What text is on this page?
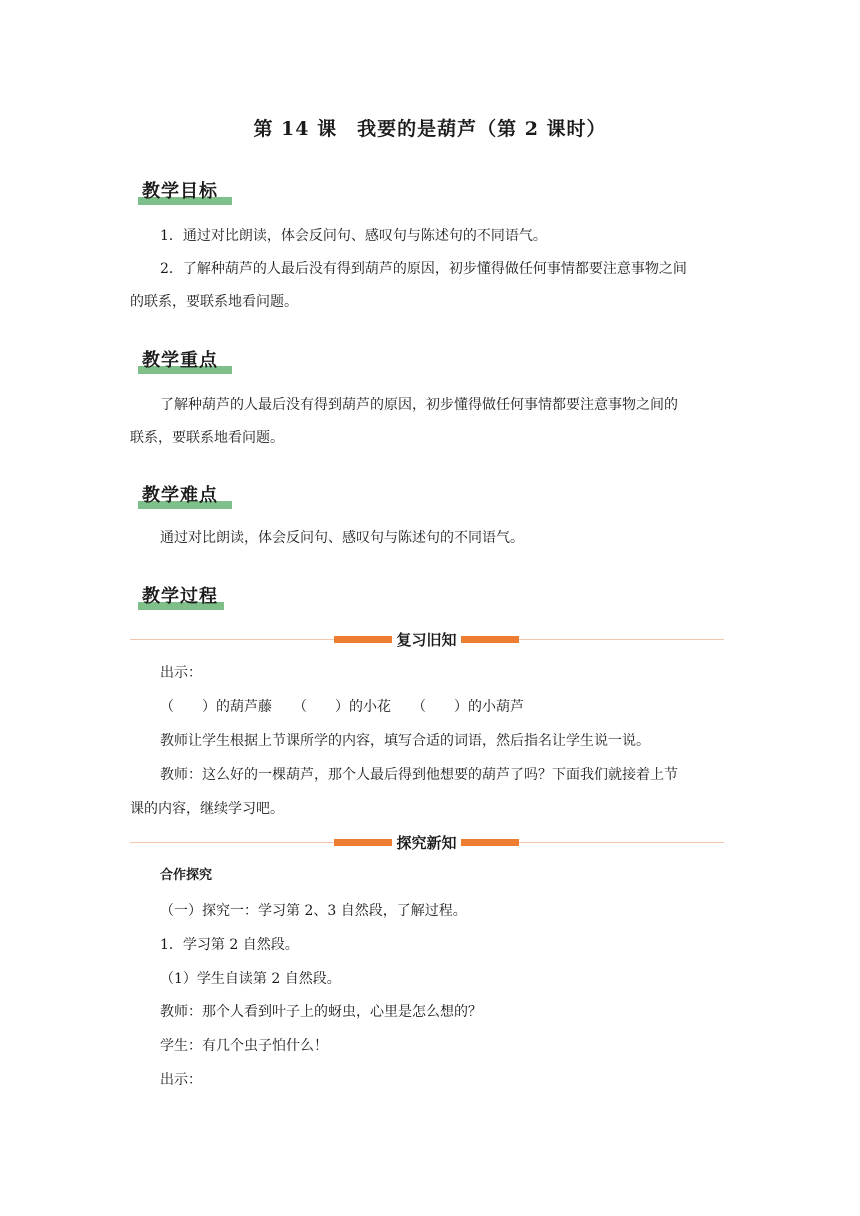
第 14 课　我要的是葫芦（第 2 课时）
教学目标
1．通过对比朗读，体会反问句、感叹句与陈述句的不同语气。
2．了解种葫芦的人最后没有得到葫芦的原因，初步懂得做任何事情都要注意事物之间
的联系，要联系地看问题。
教学重点
了解种葫芦的人最后没有得到葫芦的原因，初步懂得做任何事情都要注意事物之间的
联系，要联系地看问题。
教学难点
通过对比朗读，体会反问句、感叹句与陈述句的不同语气。
教学过程
复习旧知
出示：
（　　）的葫芦藤　　（　　）的小花　　（　　）的小葫芦
教师让学生根据上节课所学的内容，填写合适的词语，然后指名让学生说一说。
教师：这么好的一棵葫芦，那个人最后得到他想要的葫芦了吗？下面我们就接着上节
课的内容，继续学习吧。
探究新知
合作探究
（一）探究一：学习第 2、3 自然段，了解过程。
1．学习第 2 自然段。
（1）学生自读第 2 自然段。
教师：那个人看到叶子上的蚜虫，心里是怎么想的？
学生：有几个虫子怕什么！
出示：
